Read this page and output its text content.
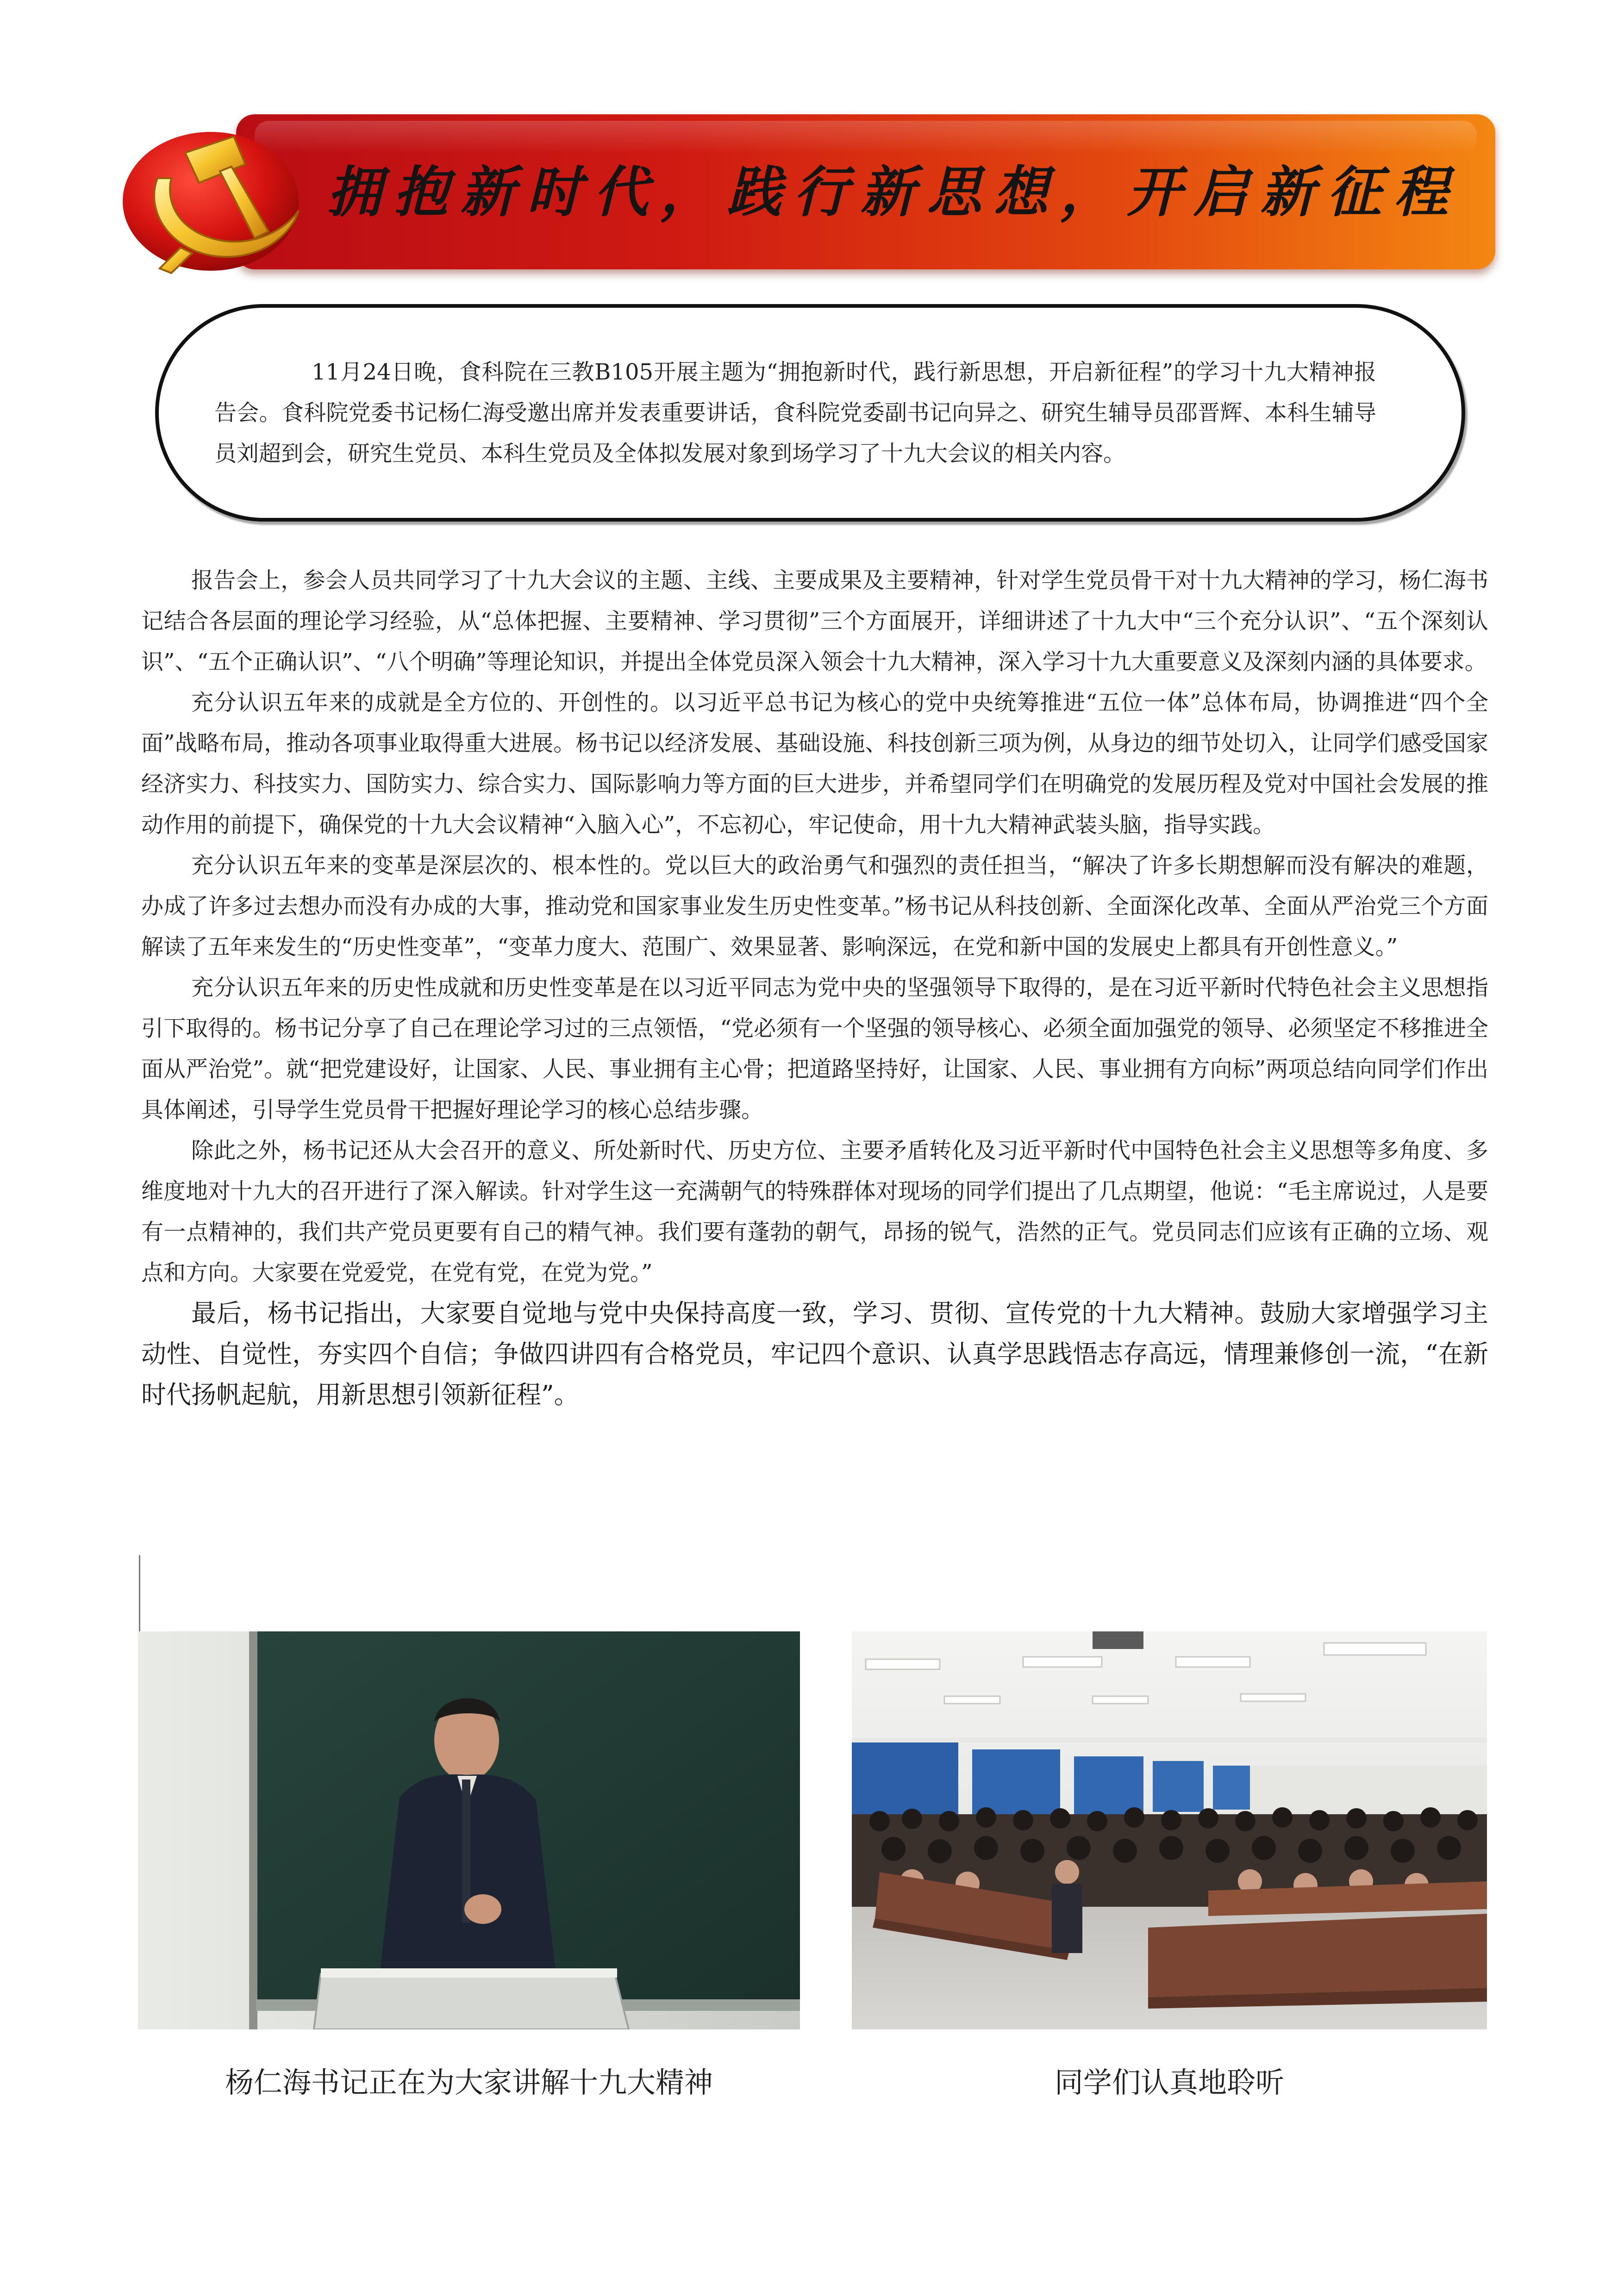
拥抱新时代，践行新思想，开启新征程

11月24日晚，食科院在三教B105开展主题为“拥抱新时代，践行新思想，开启新征程”的学习十九大精神报告会。食科院党委书记杨仁海受邀出席并发表重要讲话，食科院党委副书记向异之、研究生辅导员邵晋辉、本科生辅导员刘超到会，研究生党员、本科生党员及全体拟发展对象到场学习了十九大会议的相关内容。

报告会上，参会人员共同学习了十九大会议的主题、主线、主要成果及主要精神，针对学生党员骨干对十九大精神的学习，杨仁海书记结合各层面的理论学习经验，从“总体把握、主要精神、学习贯彻”三个方面展开，详细讲述了十九大中“三个充分认识”、“五个深刻认识”、“五个正确认识”、“八个明确”等理论知识，并提出全体党员深入领会十九大精神，深入学习十九大重要意义及深刻内涵的具体要求。

充分认识五年来的成就是全方位的、开创性的。以习近平总书记为核心的党中央统筹推进“五位一体”总体布局，协调推进“四个全面”战略布局，推动各项事业取得重大进展。杨书记以经济发展、基础设施、科技创新三项为例，从身边的细节处切入，让同学们感受国家经济实力、科技实力、国防实力、综合实力、国际影响力等方面的巨大进步，并希望同学们在明确党的发展历程及党对中国社会发展的推动作用的前提下，确保党的十九大会议精神“入脑入心”，不忘初心，牢记使命，用十九大精神武装头脑，指导实践。

充分认识五年来的变革是深层次的、根本性的。党以巨大的政治勇气和强烈的责任担当，“解决了许多长期想解而没有解决的难题，办成了许多过去想办而没有办成的大事，推动党和国家事业发生历史性变革。”杨书记从科技创新、全面深化改革、全面从严治党三个方面解读了五年来发生的“历史性变革”，“变革力度大、范围广、效果显著、影响深远，在党和新中国的发展史上都具有开创性意义。”

充分认识五年来的历史性成就和历史性变革是在以习近平同志为党中央的坚强领导下取得的，是在习近平新时代特色社会主义思想指引下取得的。杨书记分享了自己在理论学习过的三点领悟，“党必须有一个坚强的领导核心、必须全面加强党的领导、必须坚定不移推进全面从严治党”。就“把党建设好，让国家、人民、事业拥有主心骨；把道路坚持好，让国家、人民、事业拥有方向标”两项总结向同学们作出具体阐述，引导学生党员骨干把握好理论学习的核心总结步骤。

除此之外，杨书记还从大会召开的意义、所处新时代、历史方位、主要矛盾转化及习近平新时代中国特色社会主义思想等多角度、多维度地对十九大的召开进行了深入解读。针对学生这一充满朝气的特殊群体对现场的同学们提出了几点期望，他说：“毛主席说过，人是要有一点精神的，我们共产党员更要有自己的精气神。我们要有蓬勃的朝气，昂扬的锐气，浩然的正气。党员同志们应该有正确的立场、观点和方向。大家要在党爱党，在党有党，在党为党。”

最后，杨书记指出，大家要自觉地与党中央保持高度一致，学习、贯彻、宣传党的十九大精神。鼓励大家增强学习主动性、自觉性，夯实四个自信；争做四讲四有合格党员，牢记四个意识、认真学思践悟志存高远，情理兼修创一流，“在新时代扬帆起航，用新思想引领新征程”。

杨仁海书记正在为大家讲解十九大精神	同学们认真地聆听
